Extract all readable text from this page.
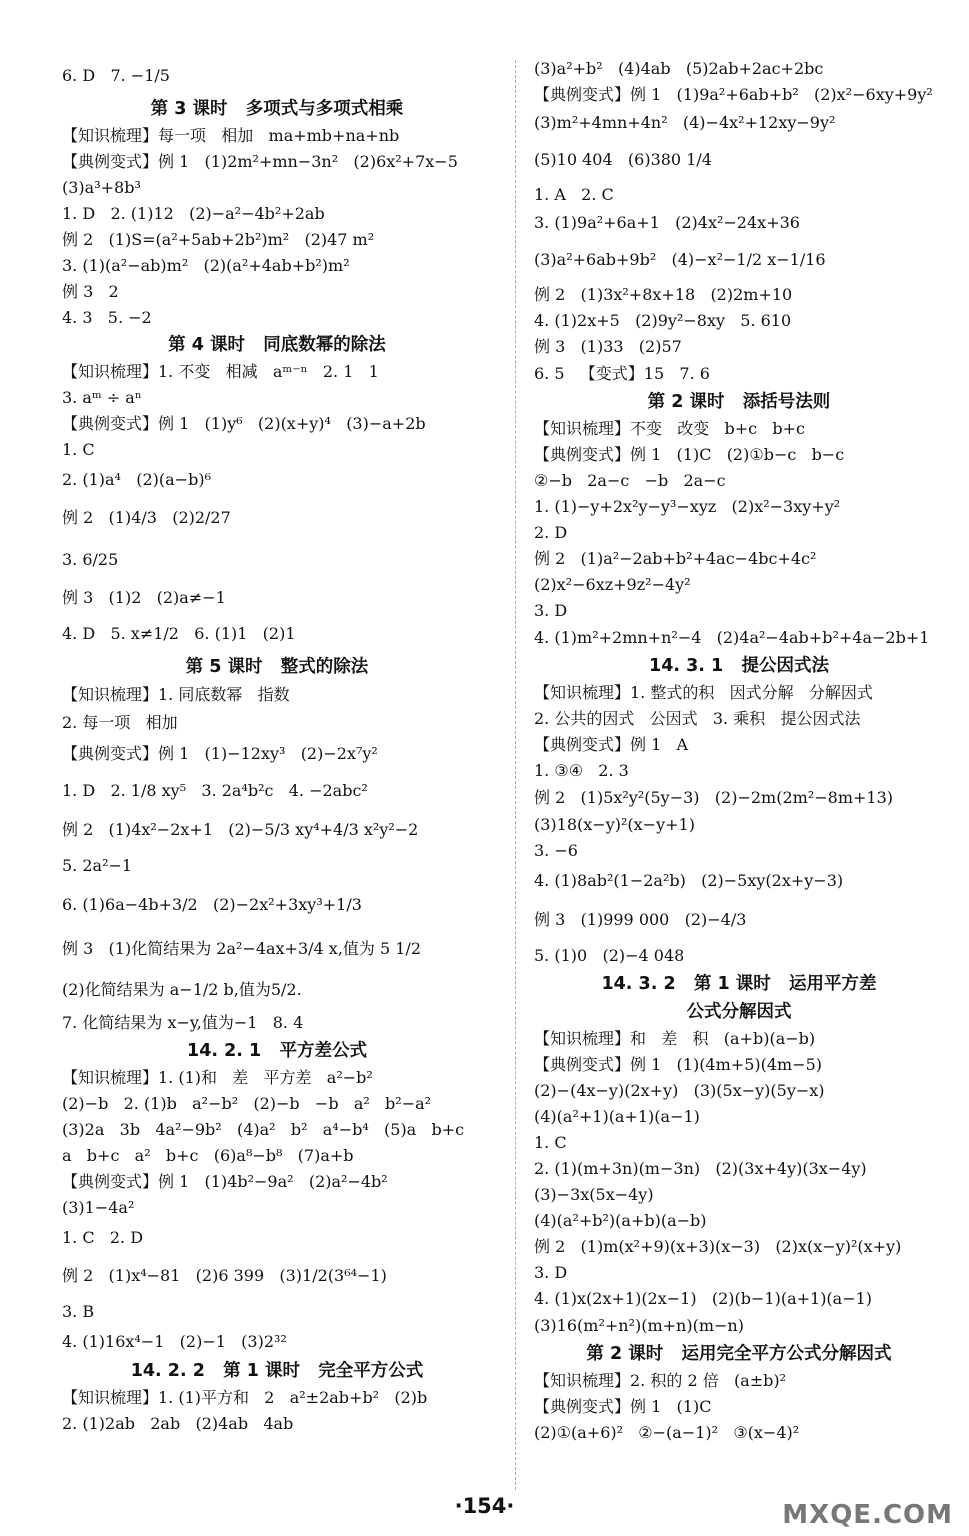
6. D   7. −1/5
第 3 课时   多项式与多项式相乘
【知识梳理】每一项   相加   ma+mb+na+nb
【典例变式】例 1   (1)2m²+mn−3n²   (2)6x²+7x−5
(3)a³+8b³
1. D   2. (1)12   (2)−a²−4b²+2ab
例 2   (1)S=(a²+5ab+2b²)m²   (2)47 m²
3. (1)(a²−ab)m²   (2)(a²+4ab+b²)m²
例 3   2
4. 3   5. −2
第 4 课时   同底数幂的除法
【知识梳理】1. 不变   相减   aᵐ⁻ⁿ   2. 1   1
3. aᵐ ÷ aⁿ
【典例变式】例 1   (1)y⁶   (2)(x+y)⁴   (3)−a+2b
1. C
2. (1)a⁴   (2)(a−b)⁶
例 2   (1)4/3   (2)2/27
3. 6/25
例 3   (1)2   (2)a≠−1
4. D   5. x≠1/2   6. (1)1   (2)1
第 5 课时   整式的除法
【知识梳理】1. 同底数幂   指数
2. 每一项   相加
【典例变式】例 1   (1)−12xy³   (2)−2x⁷y²
1. D   2. 1/8 xy⁵   3. 2a⁴b²c   4. −2abc²
例 2   (1)4x²−2x+1   (2)−5/3 xy⁴+4/3 x²y²−2
5. 2a²−1
6. (1)6a−4b+3/2   (2)−2x²+3xy³+1/3
例 3   (1)化简结果为 2a²−4ax+3/4 x,值为 5 1/2
(2)化简结果为 a−1/2 b,值为5/2.
7. 化简结果为 x−y,值为−1   8. 4
14. 2. 1   平方差公式
【知识梳理】1. (1)和   差   平方差   a²−b²
(2)−b   2. (1)b   a²−b²   (2)−b   −b   a²   b²−a²
(3)2a   3b   4a²−9b²   (4)a²   b²   a⁴−b⁴   (5)a   b+c
a   b+c   a²   b+c   (6)a⁸−b⁸   (7)a+b
【典例变式】例 1   (1)4b²−9a²   (2)a²−4b²
(3)1−4a²
1. C   2. D
例 2   (1)x⁴−81   (2)6 399   (3)1/2(3⁶⁴−1)
3. B
4. (1)16x⁴−1   (2)−1   (3)2³²
14. 2. 2   第 1 课时   完全平方公式
【知识梳理】1. (1)平方和   2   a²±2ab+b²   (2)b
2. (1)2ab   2ab   (2)4ab   4ab
(3)a²+b²   (4)4ab   (5)2ab+2ac+2bc
【典例变式】例 1   (1)9a²+6ab+b²   (2)x²−6xy+9y²
(3)m²+4mn+4n²   (4)−4x²+12xy−9y²
(5)10 404   (6)380 1/4
1. A   2. C
3. (1)9a²+6a+1   (2)4x²−24x+36
(3)a²+6ab+9b²   (4)−x²−1/2 x−1/16
例 2   (1)3x²+8x+18   (2)2m+10
4. (1)2x+5   (2)9y²−8xy   5. 610
例 3   (1)33   (2)57
6. 5   【变式】15   7. 6
第 2 课时   添括号法则
【知识梳理】不变   改变   b+c   b+c
【典例变式】例 1   (1)C   (2)①b−c   b−c
②−b   2a−c   −b   2a−c
1. (1)−y+2x²y−y³−xyz   (2)x²−3xy+y²
2. D
例 2   (1)a²−2ab+b²+4ac−4bc+4c²
(2)x²−6xz+9z²−4y²
3. D
4. (1)m²+2mn+n²−4   (2)4a²−4ab+b²+4a−2b+1
14. 3. 1   提公因式法
【知识梳理】1. 整式的积   因式分解   分解因式
2. 公共的因式   公因式   3. 乘积   提公因式法
【典例变式】例 1   A
1. ③④   2. 3
例 2   (1)5x²y²(5y−3)   (2)−2m(2m²−8m+13)
(3)18(x−y)²(x−y+1)
3. −6
4. (1)8ab²(1−2a²b)   (2)−5xy(2x+y−3)
例 3   (1)999 000   (2)−4/3
5. (1)0   (2)−4 048
14. 3. 2   第 1 课时   运用平方差
公式分解因式
【知识梳理】和   差   积   (a+b)(a−b)
【典例变式】例 1   (1)(4m+5)(4m−5)
(2)−(4x−y)(2x+y)   (3)(5x−y)(5y−x)
(4)(a²+1)(a+1)(a−1)
1. C
2. (1)(m+3n)(m−3n)   (2)(3x+4y)(3x−4y)
(3)−3x(5x−4y)
(4)(a²+b²)(a+b)(a−b)
例 2   (1)m(x²+9)(x+3)(x−3)   (2)x(x−y)²(x+y)
3. D
4. (1)x(2x+1)(2x−1)   (2)(b−1)(a+1)(a−1)
(3)16(m²+n²)(m+n)(m−n)
第 2 课时   运用完全平方公式分解因式
【知识梳理】2. 积的 2 倍   (a±b)²
【典例变式】例 1   (1)C
(2)①(a+6)²   ②−(a−1)²   ③(x−4)²
·154·	MXQE.COM
